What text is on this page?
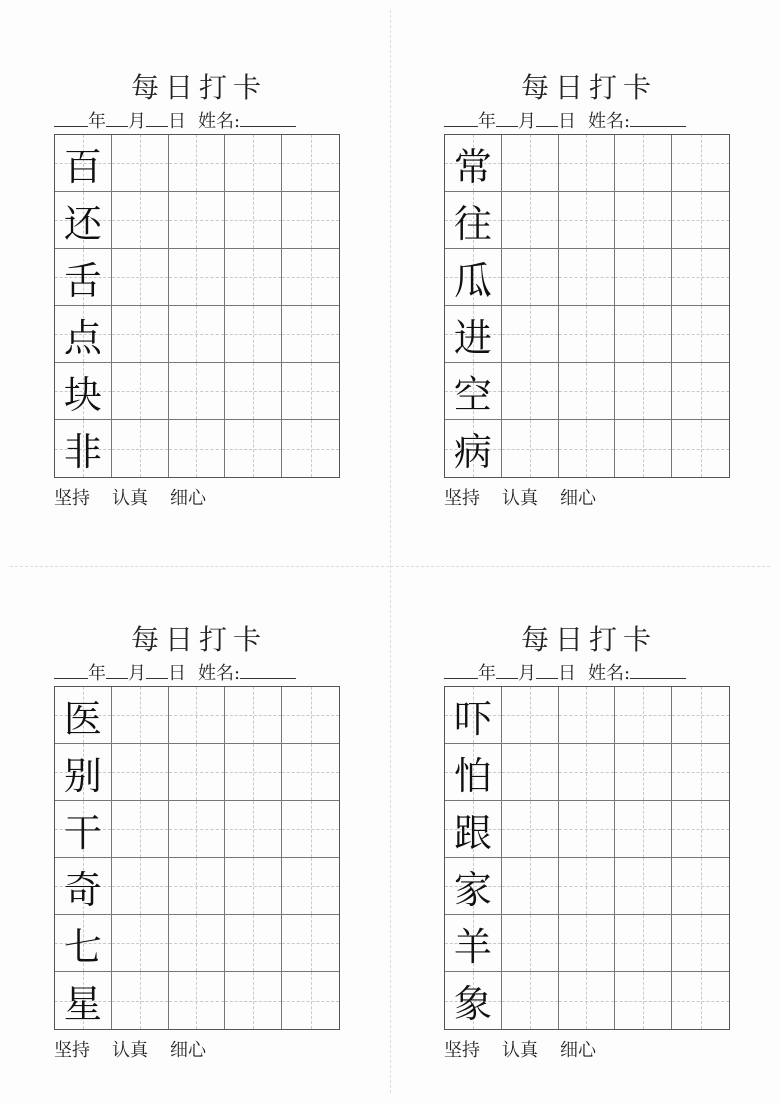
每日打卡
年 月 日 姓名:
百
还
舌
点
块
非
坚持 认真 细心
每日打卡
年 月 日 姓名:
常
往
瓜
进
空
病
坚持 认真 细心
每日打卡
年 月 日 姓名:
医
别
干
奇
七
星
坚持 认真 细心
每日打卡
年 月 日 姓名:
吓
怕
跟
家
羊
象
坚持 认真 细心
